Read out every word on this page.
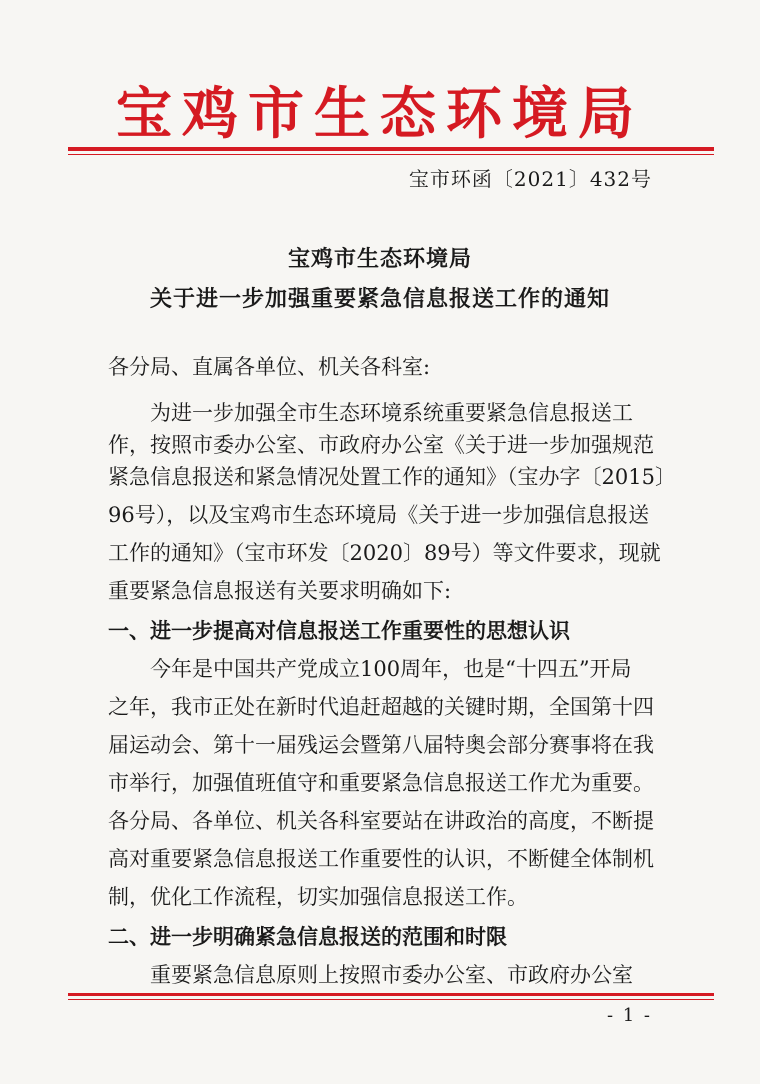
宝鸡市生态环境局
宝市环函〔2021〕432号
宝鸡市生态环境局
关于进一步加强重要紧急信息报送工作的通知
各分局、直属各单位、机关各科室:
为进一步加强全市生态环境系统重要紧急信息报送工
作，按照市委办公室、市政府办公室《关于进一步加强规范
紧急信息报送和紧急情况处置工作的通知》（宝办字〔2015〕
96号），以及宝鸡市生态环境局《关于进一步加强信息报送
工作的通知》（宝市环发〔2020〕89号）等文件要求，现就
重要紧急信息报送有关要求明确如下:
一、进一步提高对信息报送工作重要性的思想认识
今年是中国共产党成立100周年，也是“十四五”开局
之年，我市正处在新时代追赶超越的关键时期，全国第十四
届运动会、第十一届残运会暨第八届特奥会部分赛事将在我
市举行，加强值班值守和重要紧急信息报送工作尤为重要。
各分局、各单位、机关各科室要站在讲政治的高度，不断提
高对重要紧急信息报送工作重要性的认识，不断健全体制机
制，优化工作流程，切实加强信息报送工作。
二、进一步明确紧急信息报送的范围和时限
重要紧急信息原则上按照市委办公室、市政府办公室
- 1 -
